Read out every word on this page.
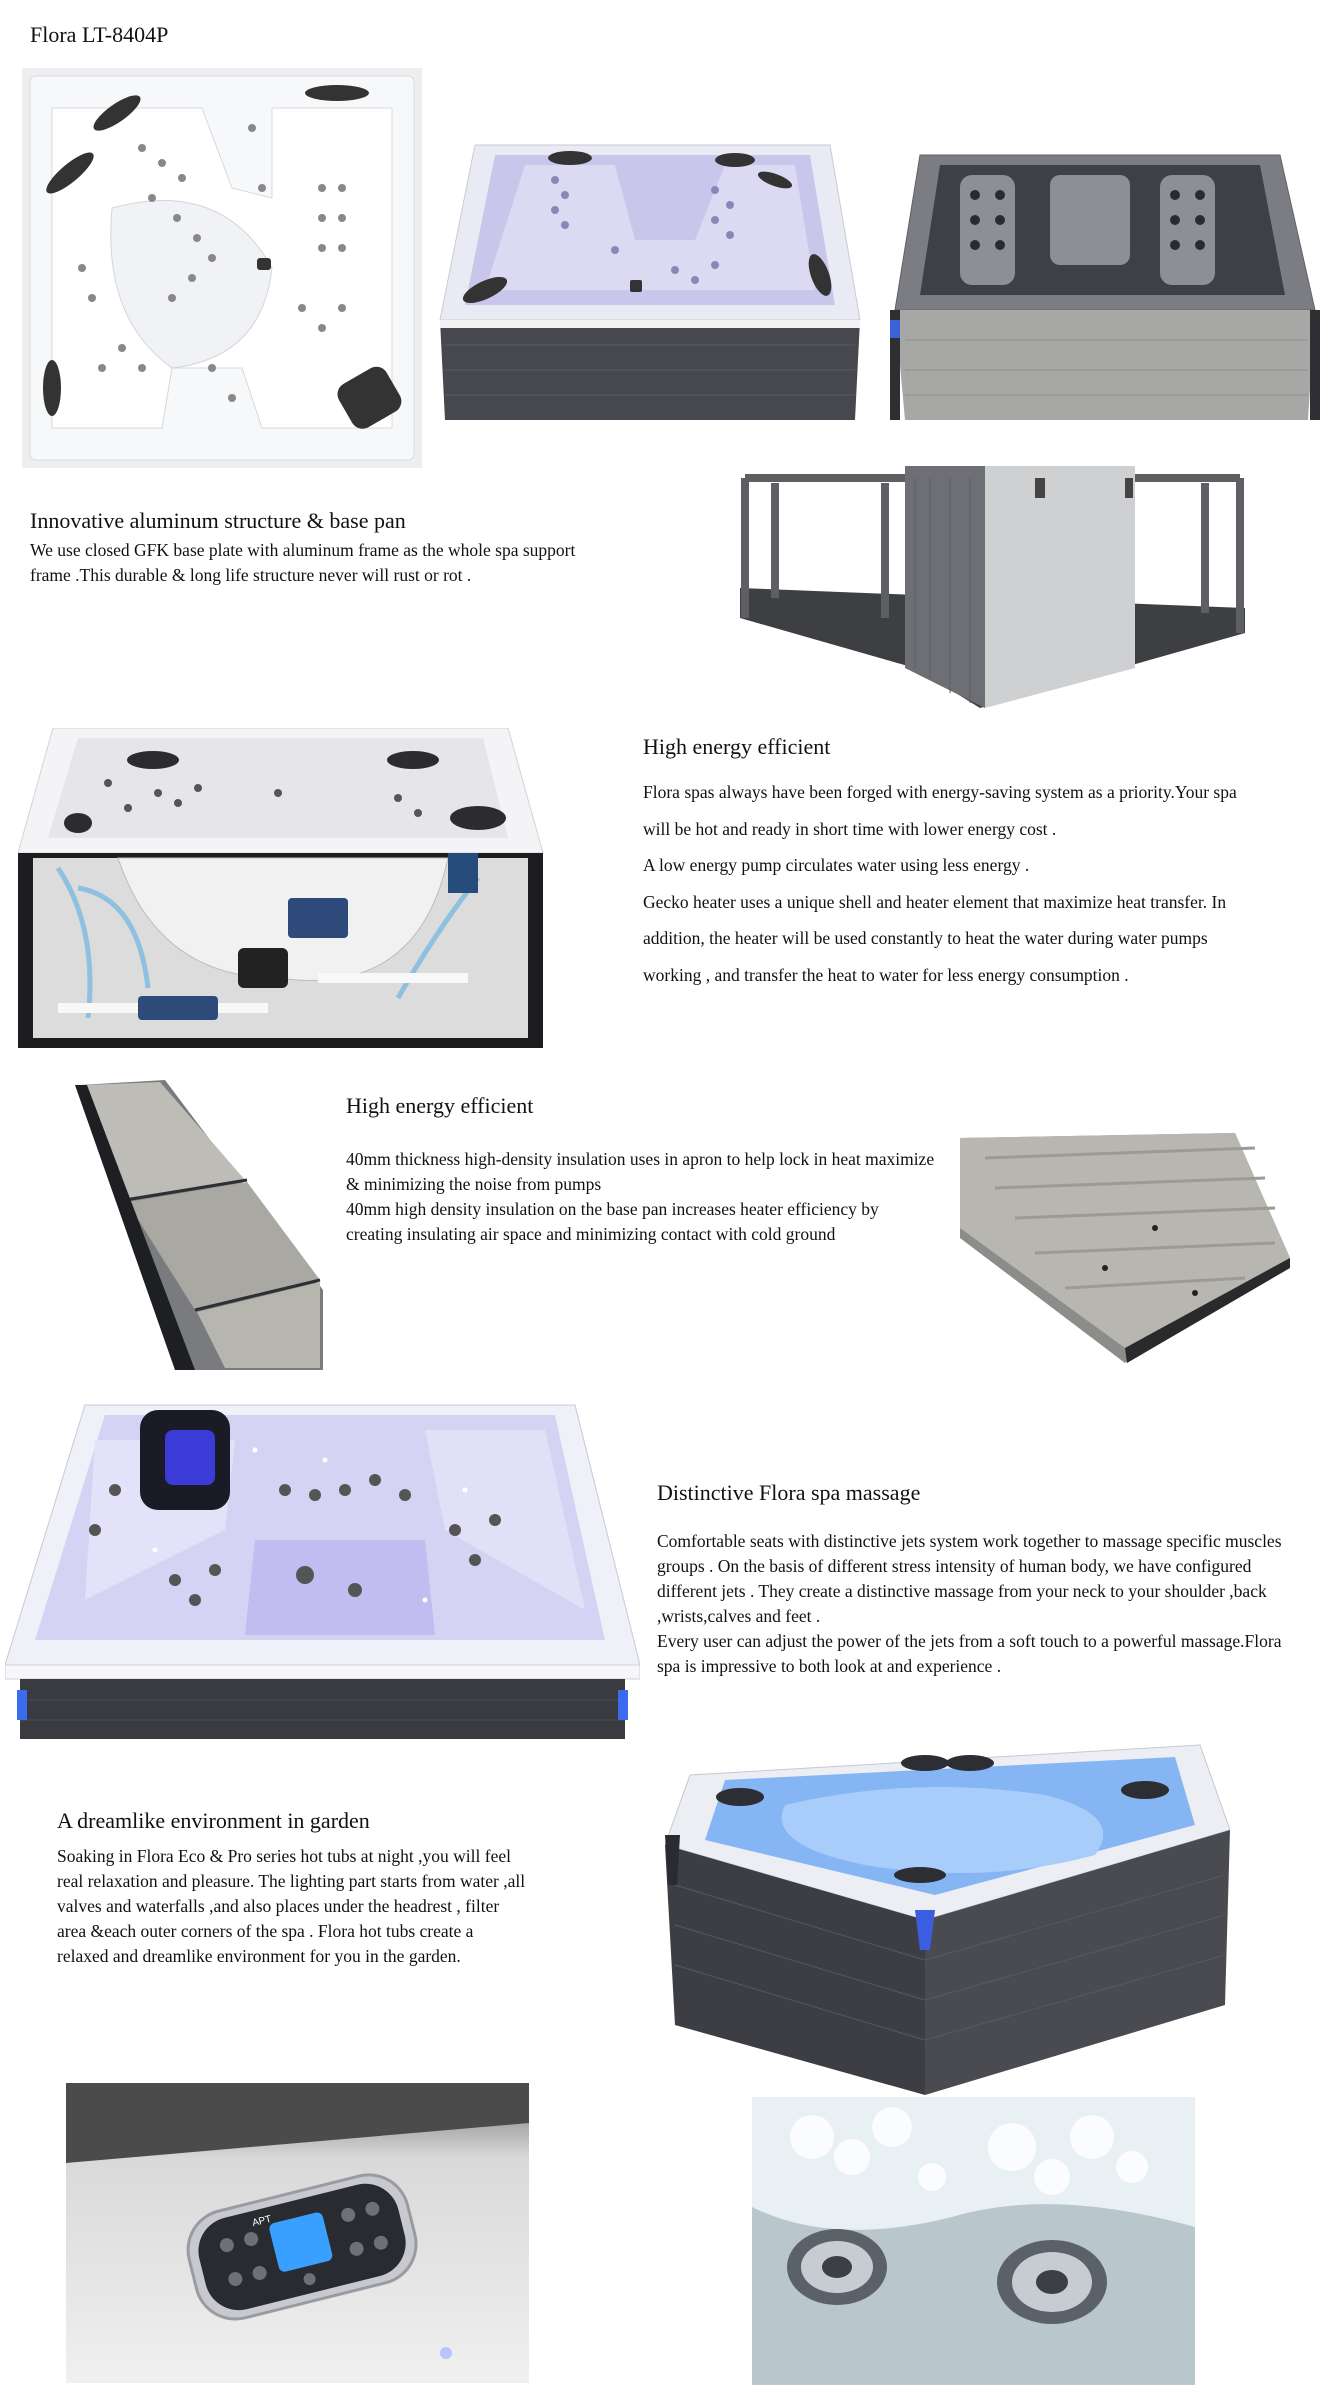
Flora LT-8404P
Innovative aluminum structure & base pan

We use closed GFK base plate with aluminum frame as the whole spa support frame .This durable & long life structure never will rust or rot .

High energy efficient

Flora spas always have been forged with energy-saving system as a priority.Your spa will be hot and ready in short time with lower energy cost .

A low energy pump circulates water using less energy .

Gecko heater uses a unique shell and heater element that maximize heat transfer. In addition, the heater will be used constantly to heat the water during water pumps working , and transfer the heat to water for less energy consumption .

High energy efficient

40mm thickness high-density insulation uses in apron to help lock in heat maximize & minimizing the noise from pumps

40mm high density insulation on the base pan increases heater efficiency by creating insulating air space and minimizing contact with cold ground

Distinctive Flora spa massage

Comfortable seats with distinctive jets system work together to massage specific muscles groups . On the basis of different stress intensity of human body, we have configured different jets . They create a distinctive massage from your neck to your shoulder ,back ,wrists,calves and feet .

Every user can adjust the power of the jets from a soft touch to a powerful massage.Flora spa is impressive to both look at and experience .

A dreamlike environment in garden

Soaking in Flora Eco & Pro series hot tubs at night ,you will feel real relaxation and pleasure. The lighting part starts from water ,all valves and waterfalls ,and also places under the headrest , filter area &each outer corners of the spa . Flora hot tubs create a relaxed and dreamlike environment for you in the garden.

APT
